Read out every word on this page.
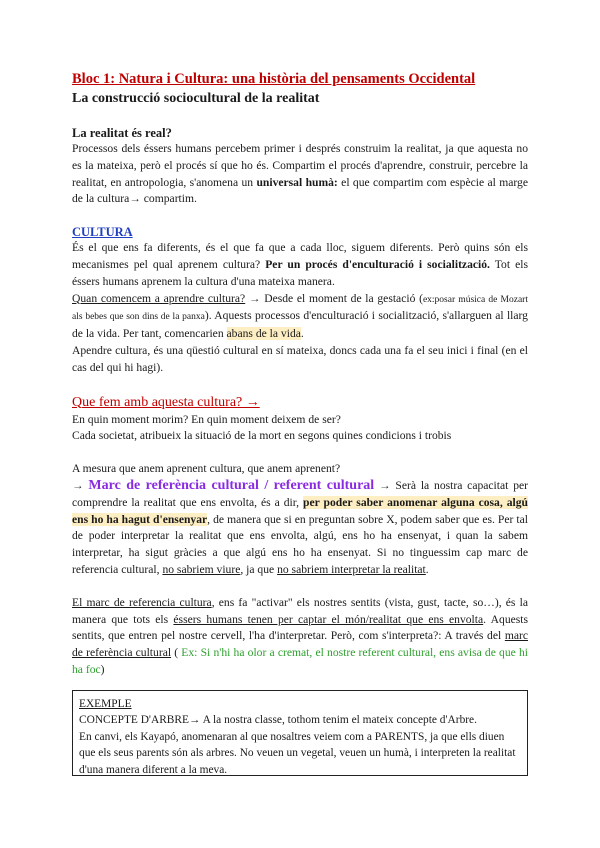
Bloc 1: Natura i Cultura: una història del pensaments Occidental
La construcció sociocultural de la realitat
La realitat és real?

Processos dels éssers humans percebem primer i després construim la realitat, ja que aquesta no es la mateixa, però el procés sí que ho és. Compartim el procés d'aprendre, construir, percebre la realitat, en antropologia, s'anomena un universal humà: el que compartim com espècie al marge de la cultura→ compartim.

CULTURA

És el que ens fa diferents, és el que fa que a cada lloc, siguem diferents. Però quins són els mecanismes pel qual aprenem cultura? Per un procés d'enculturació i socialització. Tot els éssers humans aprenem la cultura d'una mateixa manera.

Quan comencem a aprendre cultura? → Desde el moment de la gestació (ex:posar música de Mozart als bebes que son dins de la panxa). Aquests processos d'enculturació i socialització, s'allarguen al llarg de la vida. Per tant, comencarien abans de la vida.

Apendre cultura, és una qüestió cultural en sí mateixa, doncs cada una fa el seu inici i final (en el cas del qui hi hagi).

Que fem amb aquesta cultura? →

En quin moment morim? En quin moment deixem de ser?

Cada societat, atribueix la situació de la mort en segons quines condicions i trobis

A mesura que anem aprenent cultura, que anem aprenent?

→ Marc de referència cultural / referent cultural → Serà la nostra capacitat per comprendre la realitat que ens envolta, és a dir, per poder saber anomenar alguna cosa, algú ens ho ha hagut d'ensenyar, de manera que si en preguntan sobre X, podem saber que es. Per tal de poder interpretar la realitat que ens envolta, algú, ens ho ha ensenyat, i quan la sabem interpretar, ha sigut gràcies a que algú ens ho ha ensenyat. Si no tinguessim cap marc de referencia cultural, no sabriem viure, ja que no sabriem interpretar la realitat.

El marc de referencia cultura, ens fa "activar" els nostres sentits (vista, gust, tacte, so…), és la manera que tots els éssers humans tenen per captar el món/realitat que ens envolta. Aquests sentits, que entren pel nostre cervell, l'ha d'interpretar. Però, com s'interpreta?: A través del marc de referència cultural ( Ex: Si n'hi ha olor a cremat, el nostre referent cultural, ens avisa de que hi ha foc)

EXEMPLE

CONCEPTE D'ARBRE→ A la nostra classe, tothom tenim el mateix concepte d'Arbre.

En canvi, els Kayapó, anomenaran al que nosaltres veiem com a PARENTS, ja que ells diuen que els seus parents són als arbres. No veuen un vegetal, veuen un humà, i interpreten la realitat d'una manera diferent a la meva.
